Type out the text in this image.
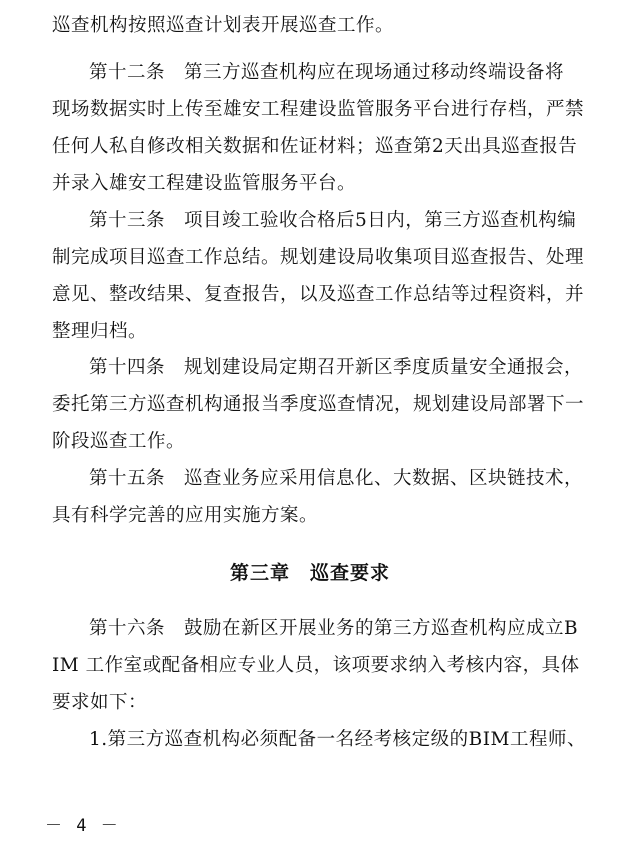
巡查机构按照巡查计划表开展巡查工作。
第十二条　第三方巡查机构应在现场通过移动终端设备将
现场数据实时上传至雄安工程建设监管服务平台进行存档，严禁
任何人私自修改相关数据和佐证材料；巡查第2天出具巡查报告
并录入雄安工程建设监管服务平台。
第十三条　项目竣工验收合格后5日内，第三方巡查机构编
制完成项目巡查工作总结。规划建设局收集项目巡查报告、处理
意见、整改结果、复查报告，以及巡查工作总结等过程资料，并
整理归档。
第十四条　规划建设局定期召开新区季度质量安全通报会，
委托第三方巡查机构通报当季度巡查情况，规划建设局部署下一
阶段巡查工作。
第十五条　巡查业务应采用信息化、大数据、区块链技术，
具有科学完善的应用实施方案。
第三章　巡查要求
第十六条　鼓励在新区开展业务的第三方巡查机构应成立B
IM 工作室或配备相应专业人员，该项要求纳入考核内容，具体
要求如下：
1.第三方巡查机构必须配备一名经考核定级的BIM工程师、
－ 4 －
